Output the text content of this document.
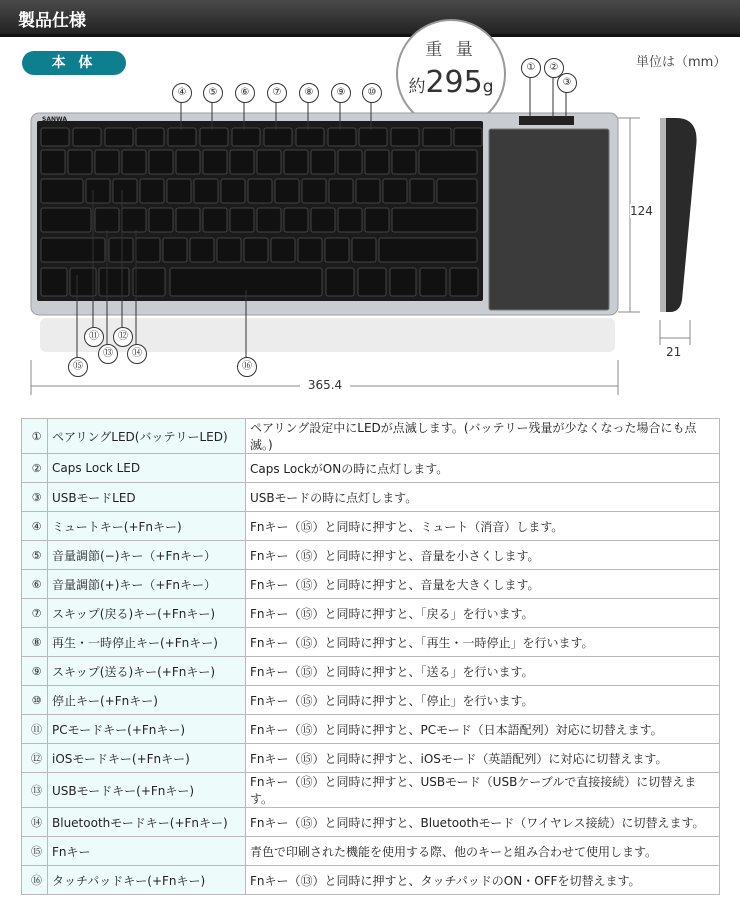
製品仕様
本 体	単位は（mm）
重 量
約295g
SANWA
④	⑤	⑥	⑦	⑧	⑨	⑩
①	②
③
⑪	⑫
⑬	⑭
⑮	⑯
365.4
124
21
①	ペアリングLED(バッテリーLED)	ペアリング設定中にLEDが点滅します。(バッテリー残量が少なくなった場合にも点滅。)
②	Caps Lock LED	Caps LockがONの時に点灯します。
③	USBモードLED	USBモードの時に点灯します。
④	ミュートキー(+Fnキー)	Fnキー（⑮）と同時に押すと、ミュート（消音）します。
⑤	音量調節(−)キー（+Fnキー）	Fnキー（⑮）と同時に押すと、音量を小さくします。
⑥	音量調節(+)キー（+Fnキー）	Fnキー（⑮）と同時に押すと、音量を大きくします。
⑦	スキップ(戻る)キー(+Fnキー)	Fnキー（⑮）と同時に押すと、「戻る」を行います。
⑧	再生・一時停止キー(+Fnキー)	Fnキー（⑮）と同時に押すと、「再生・一時停止」を行います。
⑨	スキップ(送る)キー(+Fnキー)	Fnキー（⑮）と同時に押すと、「送る」を行います。
⑩	停止キー(+Fnキー)	Fnキー（⑮）と同時に押すと、「停止」を行います。
⑪	PCモードキー(+Fnキー)	Fnキー（⑮）と同時に押すと、PCモード（日本語配列）対応に切替えます。
⑫	iOSモードキー(+Fnキー)	Fnキー（⑮）と同時に押すと、iOSモード（英語配列）に対応に切替えます。
⑬	USBモードキー(+Fnキー)	Fnキー（⑮）と同時に押すと、USBモード（USBケーブルで直接接続）に切替えます。
⑭	Bluetoothモードキー(+Fnキー)	Fnキー（⑮）と同時に押すと、Bluetoothモード（ワイヤレス接続）に切替えます。
⑮	Fnキー	青色で印刷された機能を使用する際、他のキーと組み合わせて使用します。
⑯	タッチパッドキー(+Fnキー)	Fnキー（⑬）と同時に押すと、タッチパッドのON・OFFを切替えます。
